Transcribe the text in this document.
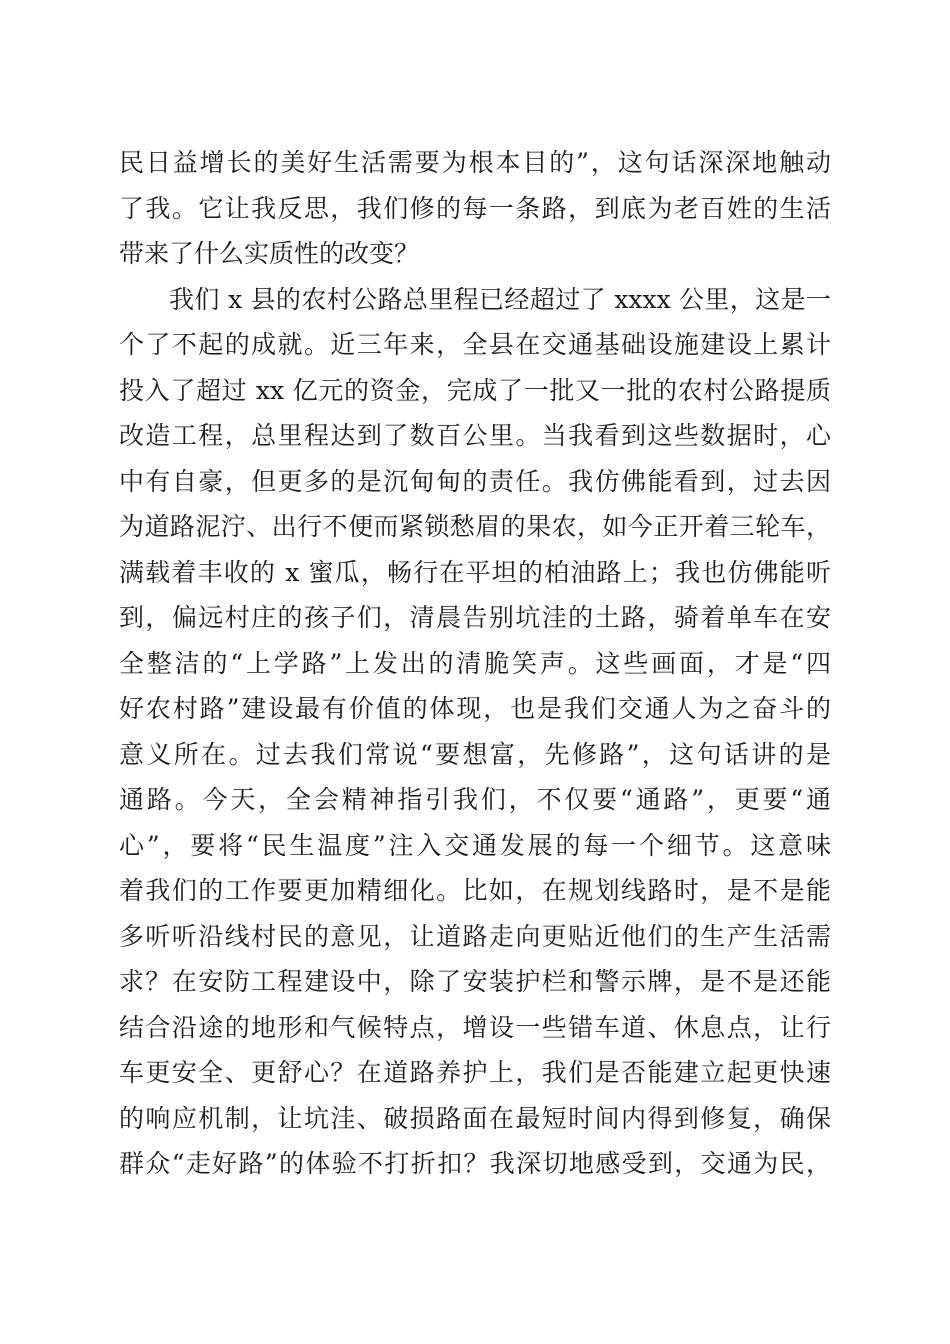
民日益增长的美好生活需要为根本目的”，这句话深深地触动
了我。它让我反思，我们修的每一条路，到底为老百姓的生活
带来了什么实质性的改变？
我们 x 县的农村公路总里程已经超过了 xxxx 公里，这是一
个了不起的成就。近三年来，全县在交通基础设施建设上累计
投入了超过 xx 亿元的资金，完成了一批又一批的农村公路提质
改造工程，总里程达到了数百公里。当我看到这些数据时，心
中有自豪，但更多的是沉甸甸的责任。我仿佛能看到，过去因
为道路泥泞、出行不便而紧锁愁眉的果农，如今正开着三轮车，
满载着丰收的 x 蜜瓜，畅行在平坦的柏油路上；我也仿佛能听
到，偏远村庄的孩子们，清晨告别坑洼的土路，骑着单车在安
全整洁的“上学路”上发出的清脆笑声。这些画面，才是“四
好农村路”建设最有价值的体现，也是我们交通人为之奋斗的
意义所在。过去我们常说“要想富，先修路”，这句话讲的是
通路。今天，全会精神指引我们，不仅要“通路”，更要“通
心”，要将“民生温度”注入交通发展的每一个细节。这意味
着我们的工作要更加精细化。比如，在规划线路时，是不是能
多听听沿线村民的意见，让道路走向更贴近他们的生产生活需
求？在安防工程建设中，除了安装护栏和警示牌，是不是还能
结合沿途的地形和气候特点，增设一些错车道、休息点，让行
车更安全、更舒心？在道路养护上，我们是否能建立起更快速
的响应机制，让坑洼、破损路面在最短时间内得到修复，确保
群众“走好路”的体验不打折扣？我深切地感受到，交通为民，
